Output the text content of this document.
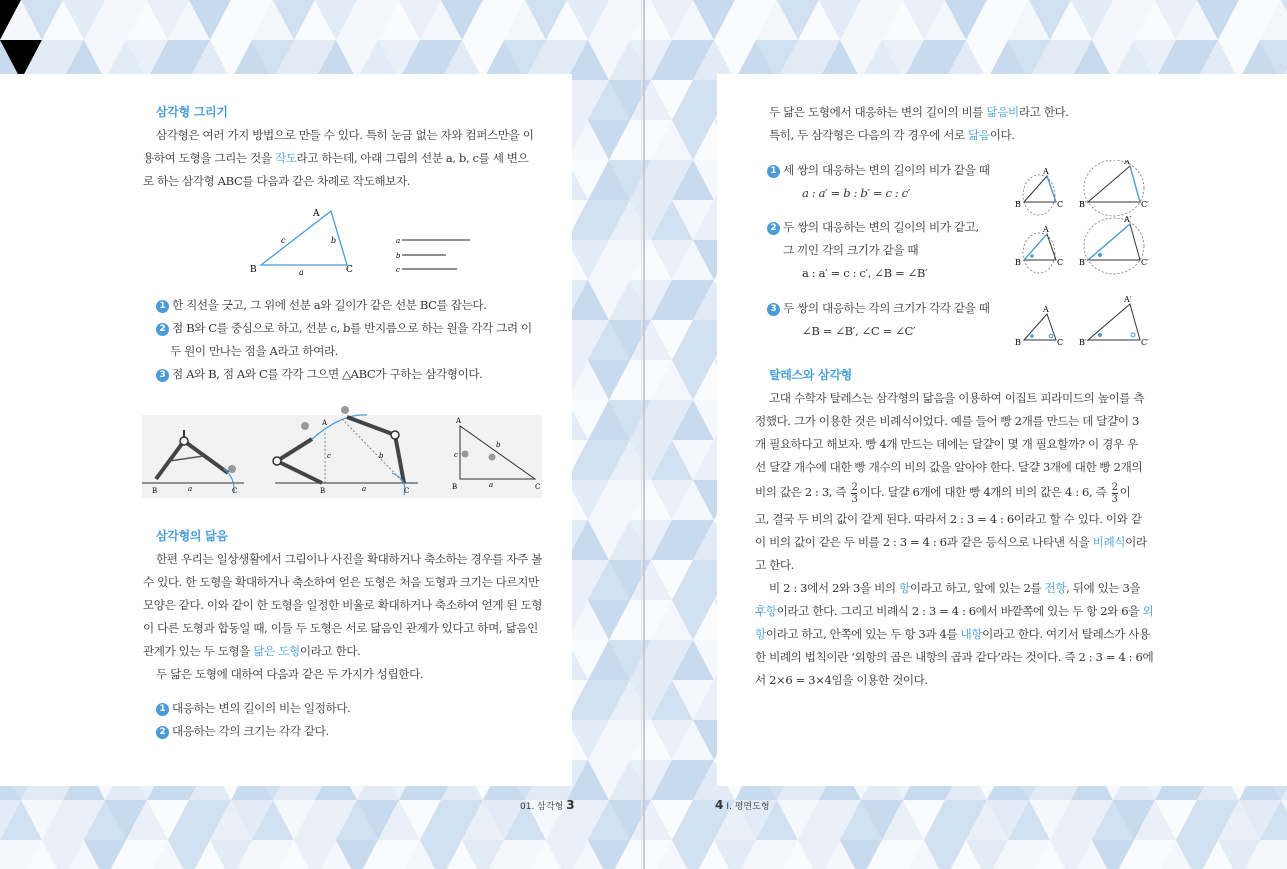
삼각형 그리기

삼각형은 여러 가지 방법으로 만들 수 있다. 특히 눈금 없는 자와 컴퍼스만을 이

용하여 도형을 그리는 것을 작도라고 하는데, 아래 그림의 선분 a, b, c를 세 변으

로 하는 삼각형 ABC를 다음과 같은 차례로 작도해보자.

A
B	C
c	b
a
a
b
c

1 한 직선을 긋고, 그 위에 선분 a와 길이가 같은 선분 BC를 잡는다.

2 점 B와 C를 중심으로 하고, 선분 c, b를 반지름으로 하는 원을 각각 그려 이

두 원이 만나는 점을 A라고 하여라.

3 점 A와 B, 점 A와 C를 각각 그으면 △ABC가 구하는 삼각형이다.

B	a	C
A
B
c
a
b
C
A
B	C
c
b
a
삼각형의 닮음

한편 우리는 일상생활에서 그림이나 사진을 확대하거나 축소하는 경우를 자주 볼

수 있다. 한 도형을 확대하거나 축소하여 얻은 도형은 처음 도형과 크기는 다르지만

모양은 같다. 이와 같이 한 도형을 일정한 비율로 확대하거나 축소하여 얻게 된 도형

이 다른 도형과 합동일 때, 이들 두 도형은 서로 닮음인 관계가 있다고 하며, 닮음인

관계가 있는 두 도형을 닮은 도형이라고 한다.

두 닮은 도형에 대하여 다음과 같은 두 가지가 성립한다.

1 대응하는 변의 길이의 비는 일정하다.

2 대응하는 각의 크기는 각각 같다.

01. 삼각형 3

두 닮은 도형에서 대응하는 변의 길이의 비를 닮음비라고 한다.

특히, 두 삼각형은 다음의 각 경우에 서로 닮음이다.

1 세 쌍의 대응하는 변의 길이의 비가 같을 때

a : a′ = b : b′ = c : c′

2 두 쌍의 대응하는 변의 길이의 비가 같고,

그 끼인 각의 크기가 같을 때

a : a′ = c : c′, ∠B = ∠B′

3 두 쌍의 대응하는 각의 크기가 각각 같을 때

∠B = ∠B′, ∠C = ∠C′

B	C
A
B′	C′
A′
B	C
A
B′	C′
A′
B	C
A
B′	C′
A′
탈레스와 삼각형

고대 수학자 탈레스는 삼각형의 닮음을 이용하여 이집트 피라미드의 높이를 측

정했다. 그가 이용한 것은 비례식이었다. 예를 들어 빵 2개를 만드는 데 달걀이 3

개 필요하다고 해보자. 빵 4개 만드는 데에는 달걀이 몇 개 필요할까? 이 경우 우

선 달걀 개수에 대한 빵 개수의 비의 값을 알아야 한다. 달걀 3개에 대한 빵 2개의

비의 값은 2 : 3, 즉 $\frac{2}{3}$ 이다. 달걀 6개에 대한 빵 4개의 비의 값은 4 : 6, 즉 $\frac{2}{3}$ 이

고, 결국 두 비의 값이 같게 된다. 따라서 2 : 3 = 4 : 6이라고 할 수 있다. 이와 같

이 비의 값이 같은 두 비를 2 : 3 = 4 : 6과 같은 등식으로 나타낸 식을 비례식이라

고 한다.

비 2 : 3에서 2와 3을 비의 항이라고 하고, 앞에 있는 2를 전항, 뒤에 있는 3을

후항이라고 한다. 그리고 비례식 2 : 3 = 4 : 6에서 바깥쪽에 있는 두 항 2와 6을 외

항이라고 하고, 안쪽에 있는 두 항 3과 4를 내항이라고 한다. 여기서 탈레스가 사용

한 비례의 법칙이란 ‘외항의 곱은 내항의 곱과 같다’라는 것이다. 즉 2 : 3 = 4 : 6에

서 2×6 = 3×4임을 이용한 것이다.

4 Ⅰ. 평면도형
